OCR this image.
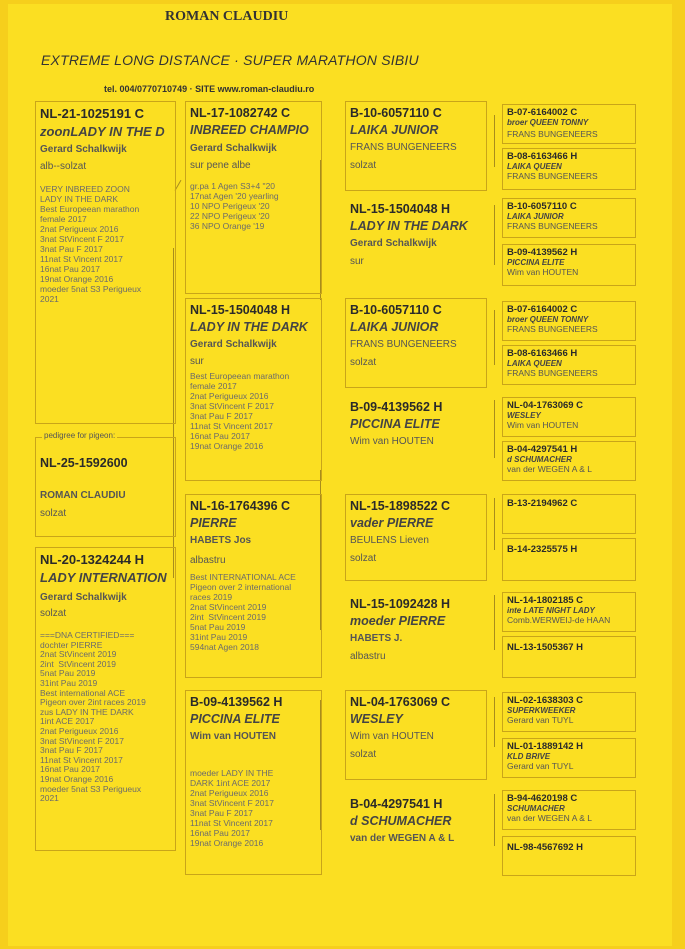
ROMAN CLAUDIU
EXTREME LONG DISTANCE · SUPER MARATHON SIBIU
tel. 004/0770710749 · SITE www.roman-claudiu.ro
NL-21-1025191 C
zoonLADY IN THE D
Gerard Schalkwijk
alb--solzat
VERY INBREED ZOON
LADY IN THE DARK
Best Europeean marathon
female 2017
2nat Perigueux 2016
3nat StVincent F 2017
3nat Pau F 2017
11nat St Vincent 2017
16nat Pau 2017
19nat Orange 2016
moeder 5nat S3 Perigueux
2021
pedigree for pigeon:
NL-25-1592600
ROMAN CLAUDIU
solzat
NL-20-1324244 H
LADY INTERNATION
Gerard Schalkwijk
solzat
===DNA CERTIFIED===
dochter PIERRE
2nat StVincent 2019
2int  StVincent 2019
5nat Pau 2019
31int Pau 2019
Best international ACE
Pigeon over 2int races 2019
zus LADY IN THE DARK
1int ACE 2017
2nat Perigueux 2016
3nat StVincent F 2017
3nat Pau F 2017
11nat St Vincent 2017
16nat Pau 2017
19nat Orange 2016
moeder 5nat S3 Perigueux
2021
NL-17-1082742 C
INBREED CHAMPIO
Gerard Schalkwijk
sur pene albe
gr.pa 1 Agen S3+4 "20
17nat Agen '20 yearling
10 NPO Perigeux '20
22 NPO Perigeux '20
36 NPO Orange '19
NL-15-1504048 H
LADY IN THE DARK
Gerard Schalkwijk
sur
Best Europeean marathon
female 2017
2nat Perigueux 2016
3nat StVincent F 2017
3nat Pau F 2017
11nat St Vincent 2017
16nat Pau 2017
19nat Orange 2016
NL-16-1764396 C
PIERRE
HABETS Jos
albastru
Best INTERNATIONAL ACE
Pigeon over 2 international
races 2019
2nat StVincent 2019
2int  StVincent 2019
5nat Pau 2019
31int Pau 2019
594nat Agen 2018
B-09-4139562 H
PICCINA ELITE
Wim van HOUTEN
moeder LADY IN THE
DARK 1int ACE 2017
2nat Perigueux 2016
3nat StVincent F 2017
3nat Pau F 2017
11nat St Vincent 2017
16nat Pau 2017
19nat Orange 2016
B-10-6057110 C
LAIKA JUNIOR
FRANS BUNGENEERS
solzat
NL-15-1504048 H
LADY IN THE DARK
Gerard Schalkwijk
sur
B-10-6057110 C
LAIKA JUNIOR
FRANS BUNGENEERS
solzat
B-09-4139562 H
PICCINA ELITE
Wim van HOUTEN
NL-15-1898522 C
vader PIERRE
BEULENS Lieven
solzat
NL-15-1092428 H
moeder PIERRE
HABETS J.
albastru
NL-04-1763069 C
WESLEY
Wim van HOUTEN
solzat
B-04-4297541 H
d SCHUMACHER
van der WEGEN A & L
B-07-6164002 C
broer QUEEN TONNY
FRANS BUNGENEERS
B-08-6163466 H
LAIKA QUEEN
FRANS BUNGENEERS
B-10-6057110 C
LAIKA JUNIOR
FRANS BUNGENEERS
B-09-4139562 H
PICCINA ELITE
Wim van HOUTEN
B-07-6164002 C
broer QUEEN TONNY
FRANS BUNGENEERS
B-08-6163466 H
LAIKA QUEEN
FRANS BUNGENEERS
NL-04-1763069 C
WESLEY
Wim van HOUTEN
B-04-4297541 H
d SCHUMACHER
van der WEGEN A & L
B-13-2194962 C
B-14-2325575 H
NL-14-1802185 C
inte LATE NIGHT LADY
Comb.WERWEIJ-de HAAN
NL-13-1505367 H
NL-02-1638303 C
SUPERKWEEKER
Gerard van TUYL
NL-01-1889142 H
KLD BRIVE
Gerard van TUYL
B-94-4620198 C
SCHUMACHER
van der WEGEN A & L
NL-98-4567692 H
